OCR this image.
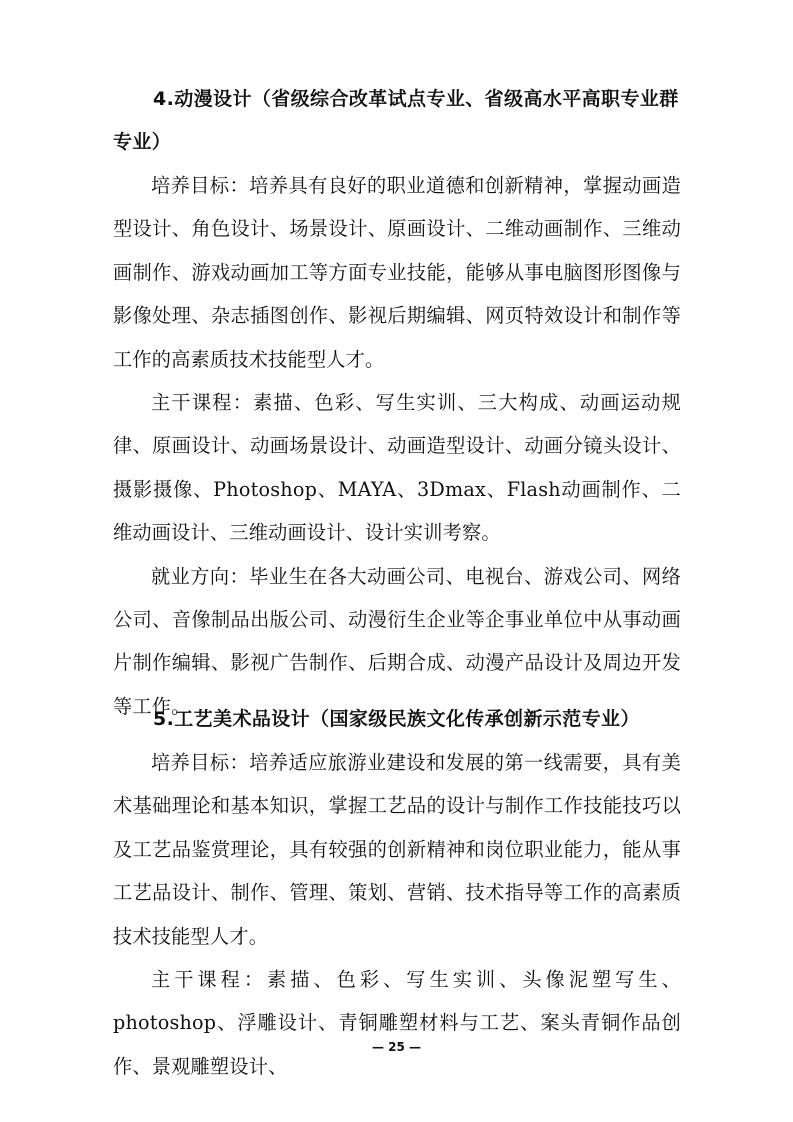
4.动漫设计（省级综合改革试点专业、省级高水平高职专业群专业）

培养目标：培养具有良好的职业道德和创新精神，掌握动画造型设计、角色设计、场景设计、原画设计、二维动画制作、三维动画制作、游戏动画加工等方面专业技能，能够从事电脑图形图像与影像处理、杂志插图创作、影视后期编辑、网页特效设计和制作等工作的高素质技术技能型人才。

主干课程：素描、色彩、写生实训、三大构成、动画运动规律、原画设计、动画场景设计、动画造型设计、动画分镜头设计、摄影摄像、Photoshop、MAYA、3Dmax、Flash动画制作、二维动画设计、三维动画设计、设计实训考察。

就业方向：毕业生在各大动画公司、电视台、游戏公司、网络公司、音像制品出版公司、动漫衍生企业等企事业单位中从事动画片制作编辑、影视广告制作、后期合成、动漫产品设计及周边开发等工作。

5.工艺美术品设计（国家级民族文化传承创新示范专业）

培养目标：培养适应旅游业建设和发展的第一线需要，具有美术基础理论和基本知识，掌握工艺品的设计与制作工作技能技巧以及工艺品鉴赏理论，具有较强的创新精神和岗位职业能力，能从事工艺品设计、制作、管理、策划、营销、技术指导等工作的高素质技术技能型人才。

主干课程：素描、色彩、写生实训、头像泥塑写生、photoshop、浮雕设计、青铜雕塑材料与工艺、案头青铜作品创作、景观雕塑设计、

— 25 —
